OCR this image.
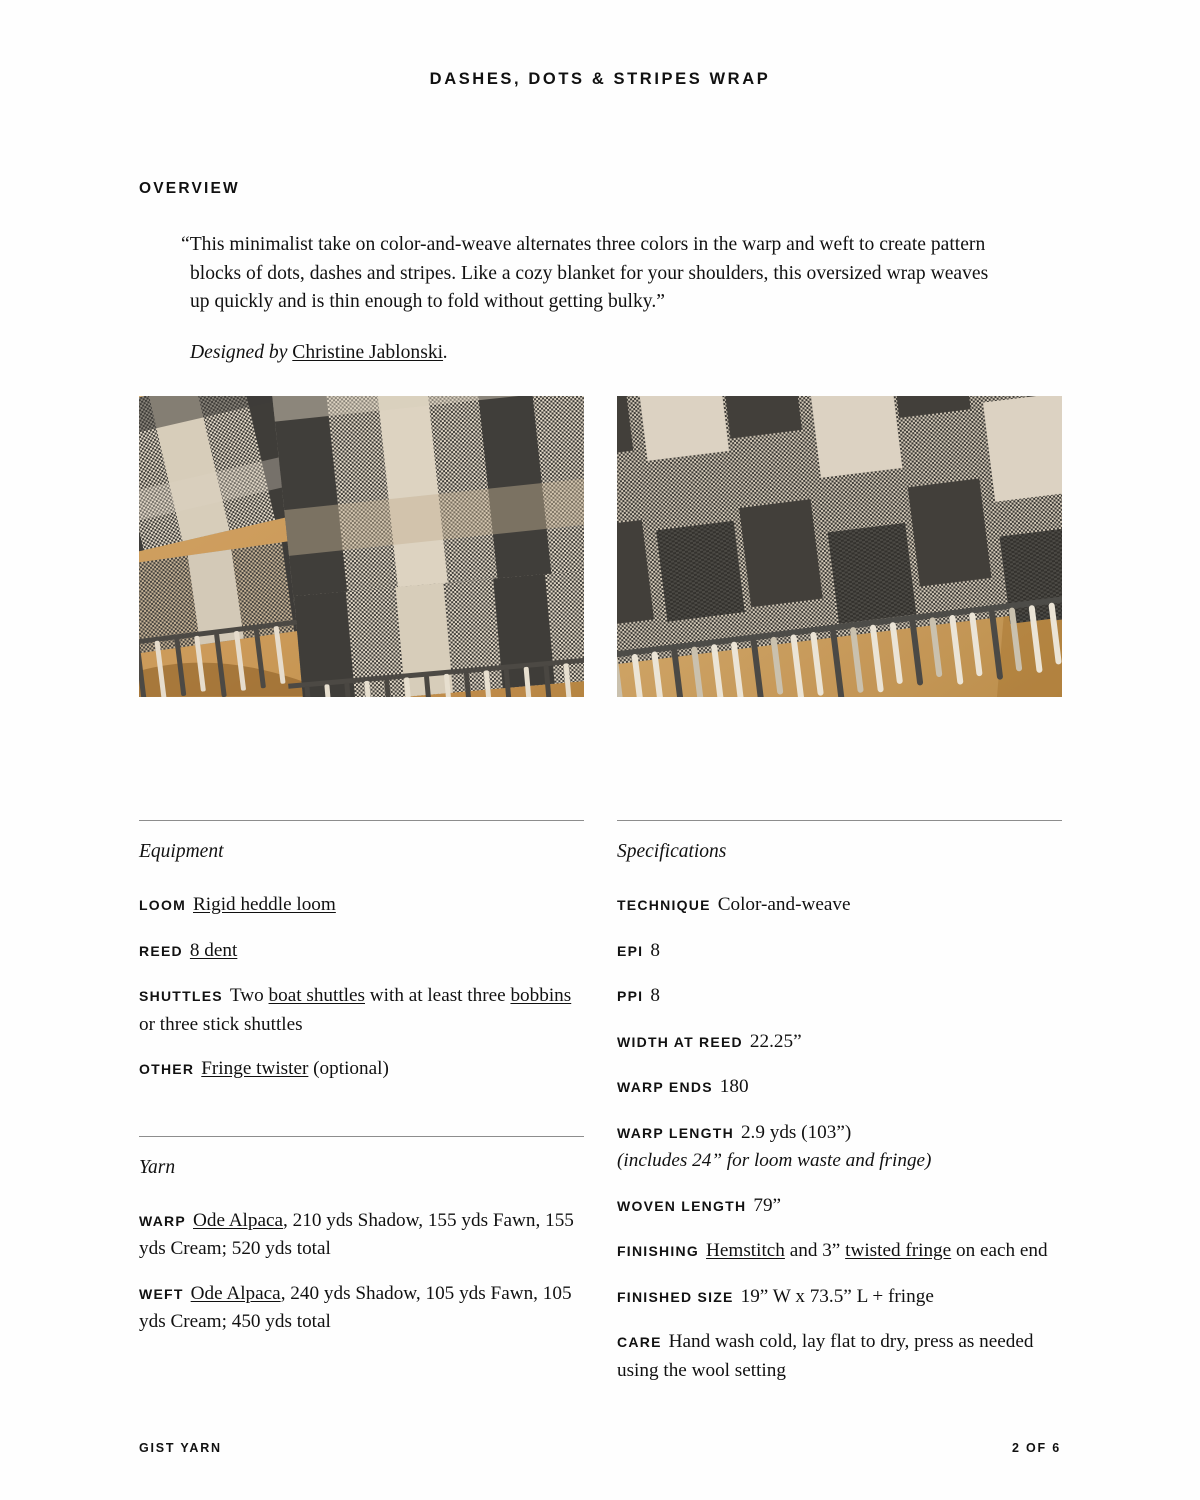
DASHES, DOTS & STRIPES WRAP
OVERVIEW

“This minimalist take on color-and-weave alternates three colors in the warp and weft to create pattern blocks of dots, dashes and stripes. Like a cozy blanket for your shoulders, this oversized wrap weaves up quickly and is thin enough to fold without getting bulky.”

Designed by Christine Jablonski.
Equipment
LOOM Rigid heddle loom
REED 8 dent
SHUTTLES Two boat shuttles with at least three bobbins or three stick shuttles
OTHER Fringe twister (optional)
Yarn
WARP Ode Alpaca, 210 yds Shadow, 155 yds Fawn, 155 yds Cream; 520 yds total
WEFT Ode Alpaca, 240 yds Shadow, 105 yds Fawn, 105 yds Cream; 450 yds total
Specifications
TECHNIQUE Color-and-weave
EPI 8
PPI 8
WIDTH AT REED 22.25”
WARP ENDS 180
WARP LENGTH 2.9 yds (103”)
(includes 24” for loom waste and fringe)
WOVEN LENGTH 79”
FINISHING Hemstitch and 3” twisted fringe on each end
FINISHED SIZE 19” W x 73.5” L + fringe
CARE Hand wash cold, lay flat to dry, press as needed using the wool setting
GIST YARN	2 OF 6
